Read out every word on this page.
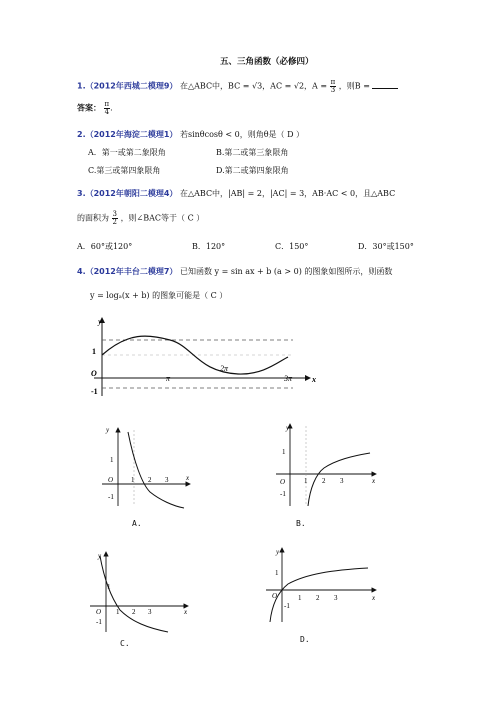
五、三角函数（必修四）
1.（2012年西城二模理9） 在△ABC中，BC = √3，AC = √2，$A = \frac{\pi}{3}$ ，则B =
答案： $\frac{\pi}{4}$ .
2.（2012年海淀二模理1） 若sinθcosθ < 0，则角θ是（ D ）
A．第一或第二象限角	B.第二或第三象限角
C.第三或第四象限角	D.第二或第四象限角
3.（2012年朝阳二模理4） 在△ABC中，|AB| = 2，|AC| = 3，AB·AC < 0，且△ABC
的面积为 $\frac{3}{2}$ ，则∠BAC等于（ C ）
A．60°或120°	B．120°	C．150°	D．30°或150°
4.（2012年丰台二模理7） 已知函数 y = sin ax + b (a > 0) 的图象如图所示，则函数
y = logₐ(x + b) 的图象可能是（ C ）
y
x
O
1
-1
π
2π
3π
y
x
O
1
-1
1 2 3
A.
y
x
O
1
-1
1 2 3
B.
y
x
O
1
-1
1 2 3
C.
y
x
O
1
-1
1 2 3
D.
